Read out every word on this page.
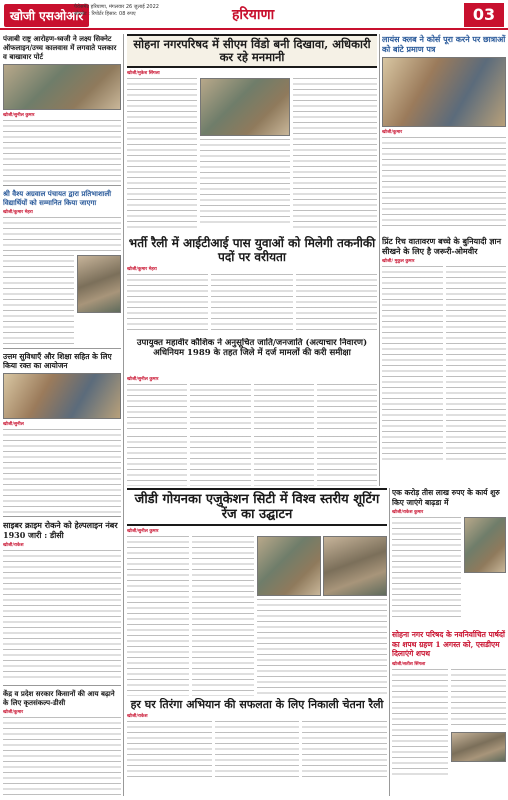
खोजी एसओआर
पैरोसमेंट हरियाणा, मंगलवार 26 जुलाई 2022
सोरसेट : रिपोर्टर हिसार: 08 रुपए	हरियाणा	03
पंजाबी राष्ट्र आरोहण-ध्वजी ने लक्ष्य सिक्नेट ऑफलाइन/उच्च कालवास में लगवाते पलकार व बाखावार पोर्ट
खोजी/सुनील कुमार
श्री वैश्य अग्रवाल पंचायत द्वारा प्रतिभाशाली विद्यार्थियों को सम्मानित किया जाएगा
खोजी/कुमार मेहरा
उत्तम सुविधाएँ और शिक्षा सहित के लिए किया रक्त का आयोजन
खोजी/सुनील
साइबर क्राइम रोकने को हेल्पलाइन नंबर 1930 जारी : डीसी
खोजी/राकेश
केंद्र व प्रदेश सरकार किसानों की आय बढ़ाने के लिए कृतसंकल्प-डीसी
खोजी/कुमार
सोहना नगरपरिषद में सीएम विंडो बनी दिखावा, अधिकारी कर रहे मनमानी
खोजी/मुकेश सिंगला
भर्ती रैली में आईटीआई पास युवाओं को मिलेगी तकनीकी पदों पर वरीयता
खोजी/कुमार मेहरा
उपायुक्त महावीर कौशिक ने अनुसूचित जाति/जनजाति (अत्याचार निवारण) अधिनियम 1989 के तहत जिले में दर्ज मामलों की करी समीक्षा
खोजी/सुनील कुमार
जीडी गोयनका एजुकेशन सिटी में विश्व स्तरीय शूटिंग रेंज का उद्घाटन
खोजी/सुनील कुमार
हर घर तिरंगा अभियान की सफलता के लिए निकाली चेतना रैली
खोजी/राकेश
लायंस क्लब ने कोर्स पूरा करने पर छात्राओं को बांटे प्रमाण पत्र
खोजी/कुमार
प्रिंट रिच वातावरण बच्चे के बुनियादी ज्ञान सीखने के लिए है जरूरी-ओमवीर
खोजी/ मुकुल कुमार
एक करोड़ तीस लाख रुपए के कार्य शुरु किए जाएंगे बाढ़डा में
खोजी/राकेश कुमार
सोहना नगर परिषद के नवनिर्वाचित पार्षदों का शपथ ग्रहण 1 अगस्त को, एसडीएम दिलाएंगे शपथ
खोजी/सतीश सिंगला
